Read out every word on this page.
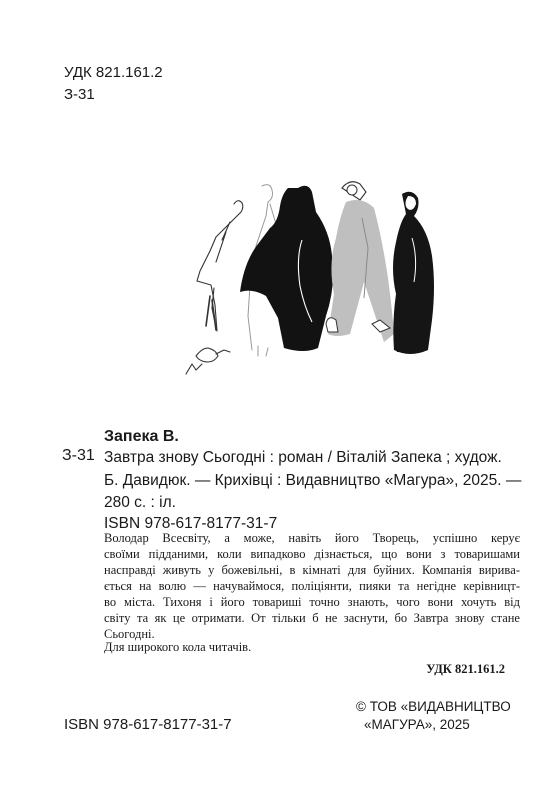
УДК 821.161.2
З-31
Запека В.
З-31 Завтра знову Сьогодні : роман / Віталій Запека ; худож.
Б. Давидюк. — Крихівці : Видавництво «Магура», 2025. —
280 с. : іл.
ISBN 978-617-8177-31-7
Володар Всесвіту, а може, навіть його Творець, успішно керує
своїми підданими, коли випадково дізнається, що вони з товаришами
насправді живуть у божевільні, в кімнаті для буйних. Компанія виривa-
ється на волю — начуваймося, поліціянти, пияки та негідне керівницт-
во міста. Тихоня і його товариші точно знають, чого вони хочуть від
світу та як це отримати. От тільки б не заснути, бо Завтра знову стане
Сьогодні.
Для широкого кола читачів.
УДК 821.161.2
ISBN 978-617-8177-31-7
© ТОВ «ВИДАВНИЦТВО
«МАГУРА», 2025
